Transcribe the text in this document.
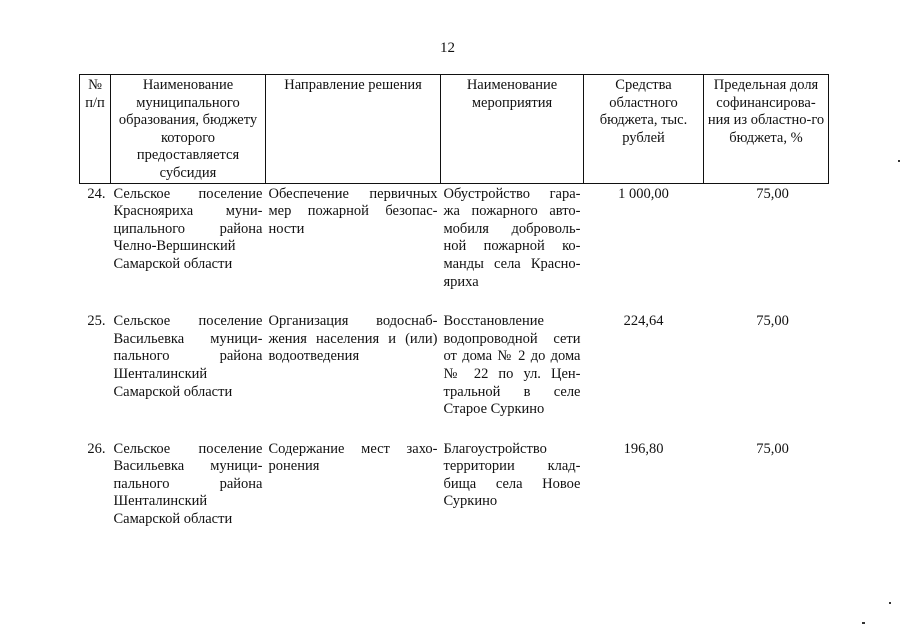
12
№ п/п	Наименование муниципального образования, бюджету которого предоставляется субсидия	Направление решения	Наименование мероприятия	Средства областного бюджета, тыс. рублей	Предельная доля софинансирова-ния из областно-го бюджета, %
24.	Сельское поселение Краснояриха муни-ципального района Челно-Вершинский Самарской области	Обеспечение первичных мер пожарной безопас-ности	Обустройство гара-жа пожарного авто-мобиля доброволь-ной пожарной ко-манды села Красно-яриха	1 000,00	75,00
25.	Сельское поселение Васильевка муници-пального района Шенталинский Самарской области	Организация водоснаб-жения населения и (или) водоотведения	Восстановление водопроводной сети от дома № 2 до дома № 22 по ул. Цен-тральной в селе Старое Суркино	224,64	75,00
26.	Сельское поселение Васильевка муници-пального района Шенталинский Самарской области	Содержание мест захо-ронения	Благоустройство территории клад-бища села Новое Суркино	196,80	75,00
